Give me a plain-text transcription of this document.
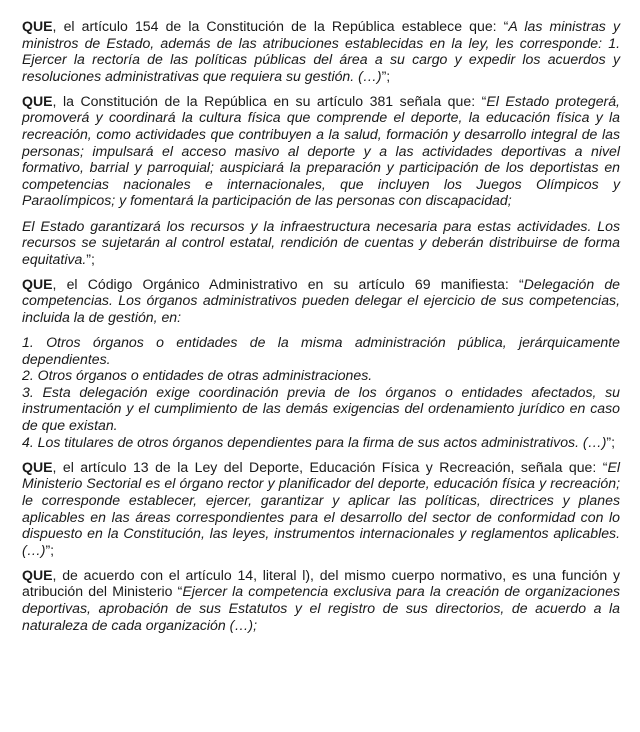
QUE, el artículo 154 de la Constitución de la República establece que: “A las ministras y ministros de Estado, además de las atribuciones establecidas en la ley, les corresponde: 1. Ejercer la rectoría de las políticas públicas del área a su cargo y expedir los acuerdos y resoluciones administrativas que requiera su gestión. (…)”;

QUE, la Constitución de la República en su artículo 381 señala que: “El Estado protegerá, promoverá y coordinará la cultura física que comprende el deporte, la educación física y la recreación, como actividades que contribuyen a la salud, formación y desarrollo integral de las personas; impulsará el acceso masivo al deporte y a las actividades deportivas a nivel formativo, barrial y parroquial; auspiciará la preparación y participación de los deportistas en competencias nacionales e internacionales, que incluyen los Juegos Olímpicos y Paraolímpicos; y fomentará la participación de las personas con discapacidad;

El Estado garantizará los recursos y la infraestructura necesaria para estas actividades. Los recursos se sujetarán al control estatal, rendición de cuentas y deberán distribuirse de forma equitativa.”;

QUE, el Código Orgánico Administrativo en su artículo 69 manifiesta: “Delegación de competencias. Los órganos administrativos pueden delegar el ejercicio de sus competencias, incluida la de gestión, en:

1. Otros órganos o entidades de la misma administración pública, jerárquicamente dependientes.

2. Otros órganos o entidades de otras administraciones.

3. Esta delegación exige coordinación previa de los órganos o entidades afectados, su instrumentación y el cumplimiento de las demás exigencias del ordenamiento jurídico en caso de que existan.

4. Los titulares de otros órganos dependientes para la firma de sus actos administrativos. (…)”;

QUE, el artículo 13 de la Ley del Deporte, Educación Física y Recreación, señala que: “El Ministerio Sectorial es el órgano rector y planificador del deporte, educación física y recreación; le corresponde establecer, ejercer, garantizar y aplicar las políticas, directrices y planes aplicables en las áreas correspondientes para el desarrollo del sector de conformidad con lo dispuesto en la Constitución, las leyes, instrumentos internacionales y reglamentos aplicables. (…)”;

QUE, de acuerdo con el artículo 14, literal l), del mismo cuerpo normativo, es una función y atribución del Ministerio “Ejercer la competencia exclusiva para la creación de organizaciones deportivas, aprobación de sus Estatutos y el registro de sus directorios, de acuerdo a la naturaleza de cada organización (…);
